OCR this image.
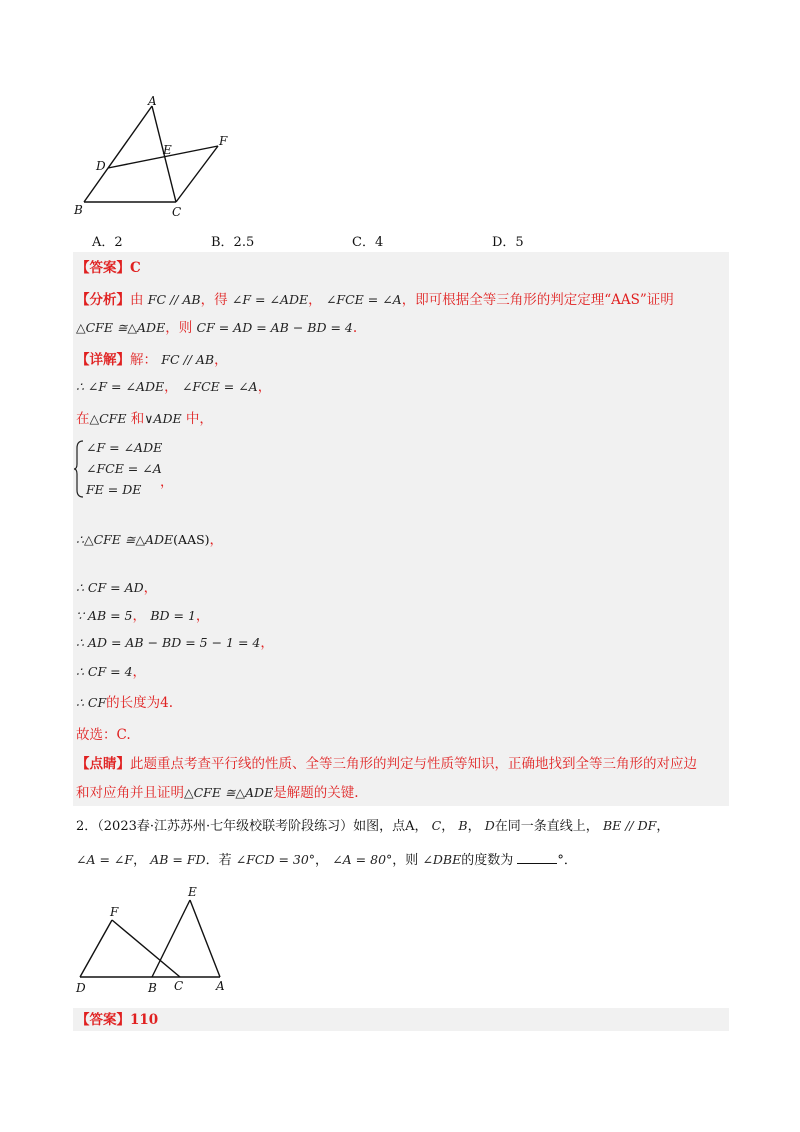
A
B	C
D
E
F
A．2	B．2.5	C．4	D．5
【答案】C
【分析】由 FC // AB，得 ∠F = ∠ADE， ∠FCE = ∠A，即可根据全等三角形的判定定理“AAS”证明
△CFE ≅△ADE，则 CF = AD = AB − BD = 4.
【详解】解： FC // AB，
∴ ∠F = ∠ADE， ∠FCE = ∠A，
在△CFE 和∨ADE 中，
∠F = ∠ADE
∠FCE = ∠A
FE = DE ，
∴△CFE ≅△ADE(AAS)，
∴ CF = AD，
∵ AB = 5， BD = 1，
∴ AD = AB − BD = 5 − 1 = 4，
∴ CF = 4，
∴ CF的长度为4.
故选：C.
【点睛】此题重点考查平行线的性质、全等三角形的判定与性质等知识，正确地找到全等三角形的对应边
和对应角并且证明△CFE ≅△ADE是解题的关键.
2．（2023春·江苏苏州·七年级校联考阶段练习）如图，点A， C， B， D在同一条直线上， BE // DF，
∠A = ∠F， AB = FD．若 ∠FCD = 30°， ∠A = 80°，则 ∠DBE的度数为	°．
E
F
D	B C	A
【答案】110
